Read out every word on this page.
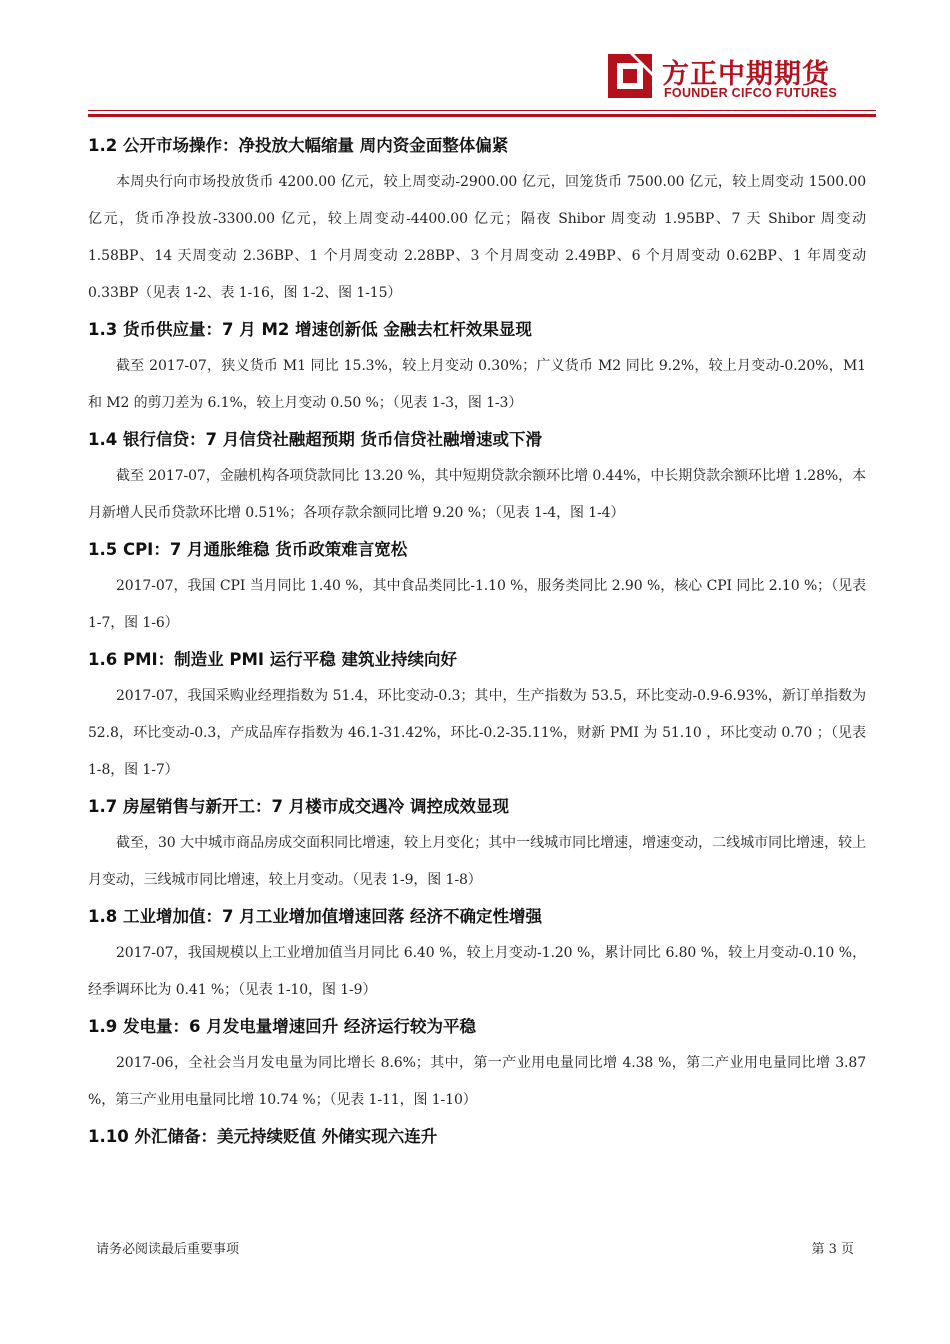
方正中期期货
FOUNDER CIFCO FUTURES
1.2 公开市场操作：净投放大幅缩量 周内资金面整体偏紧

本周央行向市场投放货币 4200.00 亿元，较上周变动-2900.00 亿元，回笼货币 7500.00 亿元，较上周变动 1500.00 亿元，货币净投放-3300.00 亿元，较上周变动-4400.00 亿元；隔夜 Shibor 周变动 1.95BP、7 天 Shibor 周变动 1.58BP、14 天周变动 2.36BP、1 个月周变动 2.28BP、3 个月周变动 2.49BP、6 个月周变动 0.62BP、1 年周变动 0.33BP（见表 1-2、表 1-16，图 1-2、图 1-15）

1.3 货币供应量：7 月 M2 增速创新低 金融去杠杆效果显现

截至 2017-07，狭义货币 M1 同比 15.3%，较上月变动 0.30%；广义货币 M2 同比 9.2%，较上月变动-0.20%，M1 和 M2 的剪刀差为 6.1%，较上月变动 0.50 %；（见表 1-3，图 1-3）

1.4 银行信贷：7 月信贷社融超预期 货币信贷社融增速或下滑

截至 2017-07，金融机构各项贷款同比 13.20 %，其中短期贷款余额环比增 0.44%，中长期贷款余额环比增 1.28%，本月新增人民币贷款环比增 0.51%；各项存款余额同比增 9.20 %；（见表 1-4，图 1-4）

1.5 CPI：7 月通胀维稳 货币政策难言宽松

2017-07，我国 CPI 当月同比 1.40 %，其中食品类同比-1.10 %，服务类同比 2.90 %，核心 CPI 同比 2.10 %；（见表 1-7，图 1-6）

1.6 PMI：制造业 PMI 运行平稳 建筑业持续向好

2017-07，我国采购业经理指数为 51.4，环比变动-0.3；其中，生产指数为 53.5，环比变动-0.9-6.93%，新订单指数为 52.8，环比变动-0.3，产成品库存指数为 46.1-31.42%，环比-0.2-35.11%，财新 PMI 为 51.10 ，环比变动 0.70 ；（见表 1-8，图 1-7）

1.7 房屋销售与新开工：7 月楼市成交遇冷 调控成效显现

截至，30 大中城市商品房成交面积同比增速，较上月变化；其中一线城市同比增速，增速变动，二线城市同比增速，较上月变动，三线城市同比增速，较上月变动。（见表 1-9，图 1-8）

1.8 工业增加值：7 月工业增加值增速回落 经济不确定性增强

2017-07，我国规模以上工业增加值当月同比 6.40 %，较上月变动-1.20 %，累计同比 6.80 %，较上月变动-0.10 %，经季调环比为 0.41 %；（见表 1-10，图 1-9）

1.9 发电量：6 月发电量增速回升 经济运行较为平稳

2017-06，全社会当月发电量为同比增长 8.6%；其中，第一产业用电量同比增 4.38 %，第二产业用电量同比增 3.87 %，第三产业用电量同比增 10.74 %；（见表 1-11，图 1-10）

1.10 外汇储备：美元持续贬值 外储实现六连升
请务必阅读最后重要事项	第 3 页
